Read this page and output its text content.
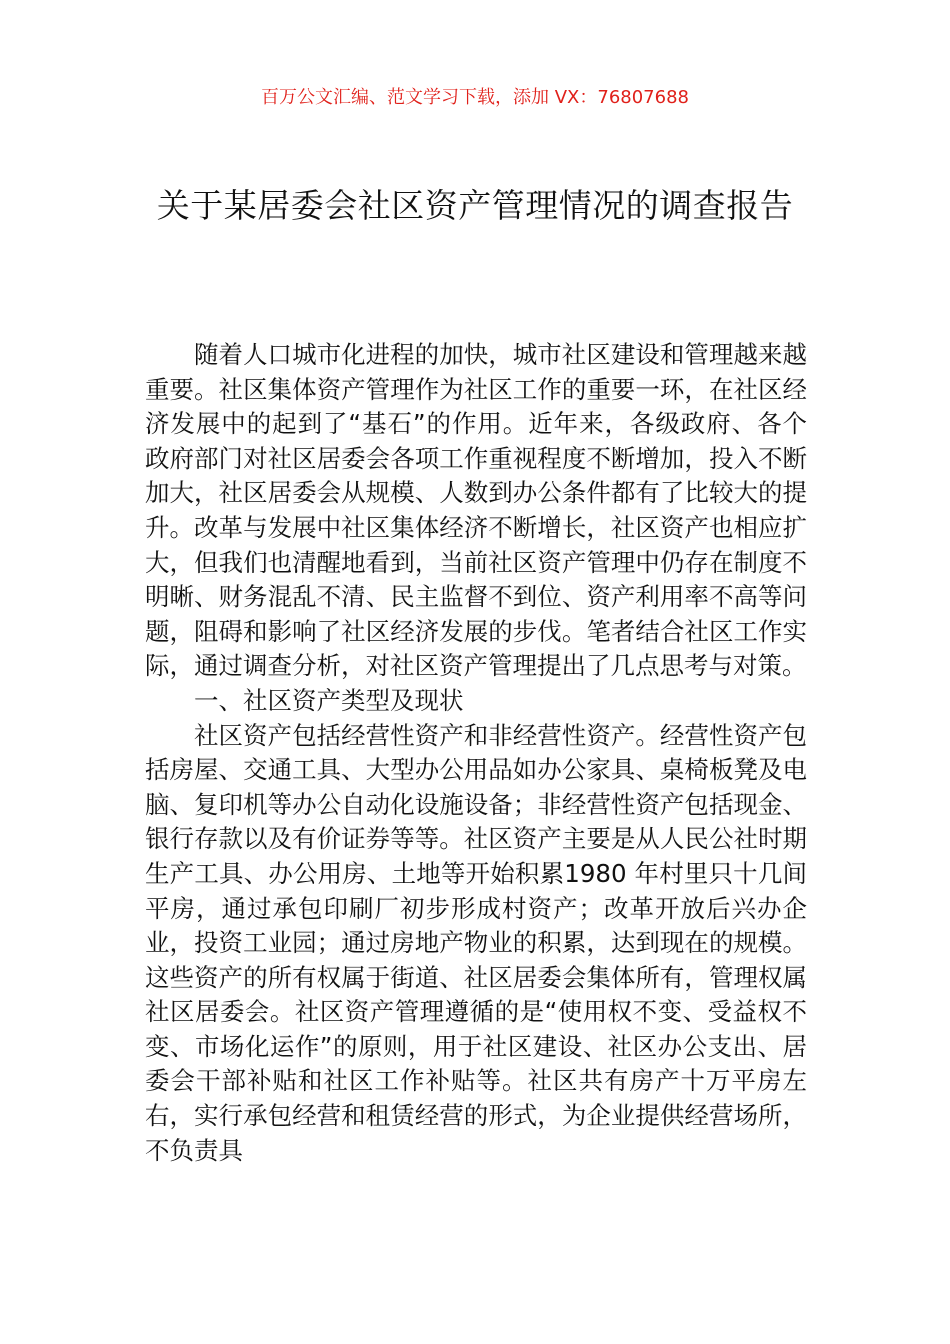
百万公文汇编、范文学习下载，添加 VX：76807688
关于某居委会社区资产管理情况的调查报告

随着人口城市化进程的加快，城市社区建设和管理越来越重要。社区集体资产管理作为社区工作的重要一环，在社区经济发展中的起到了“基石”的作用。近年来，各级政府、各个政府部门对社区居委会各项工作重视程度不断增加，投入不断加大，社区居委会从规模、人数到办公条件都有了比较大的提升。改革与发展中社区集体经济不断增长，社区资产也相应扩大，但我们也清醒地看到，当前社区资产管理中仍存在制度不明晰、财务混乱不清、民主监督不到位、资产利用率不高等问题，阻碍和影响了社区经济发展的步伐。笔者结合社区工作实际，通过调查分析，对社区资产管理提出了几点思考与对策。

一、社区资产类型及现状

社区资产包括经营性资产和非经营性资产。经营性资产包括房屋、交通工具、大型办公用品如办公家具、桌椅板凳及电脑、复印机等办公自动化设施设备；非经营性资产包括现金、银行存款以及有价证券等等。社区资产主要是从人民公社时期生产工具、办公用房、土地等开始积累1980 年村里只十几间平房，通过承包印刷厂初步形成村资产；改革开放后兴办企业，投资工业园；通过房地产物业的积累，达到现在的规模。这些资产的所有权属于街道、社区居委会集体所有，管理权属社区居委会。社区资产管理遵循的是“使用权不变、受益权不变、市场化运作”的原则，用于社区建设、社区办公支出、居委会干部补贴和社区工作补贴等。社区共有房产十万平房左右，实行承包经营和租赁经营的形式，为企业提供经营场所，不负责具
